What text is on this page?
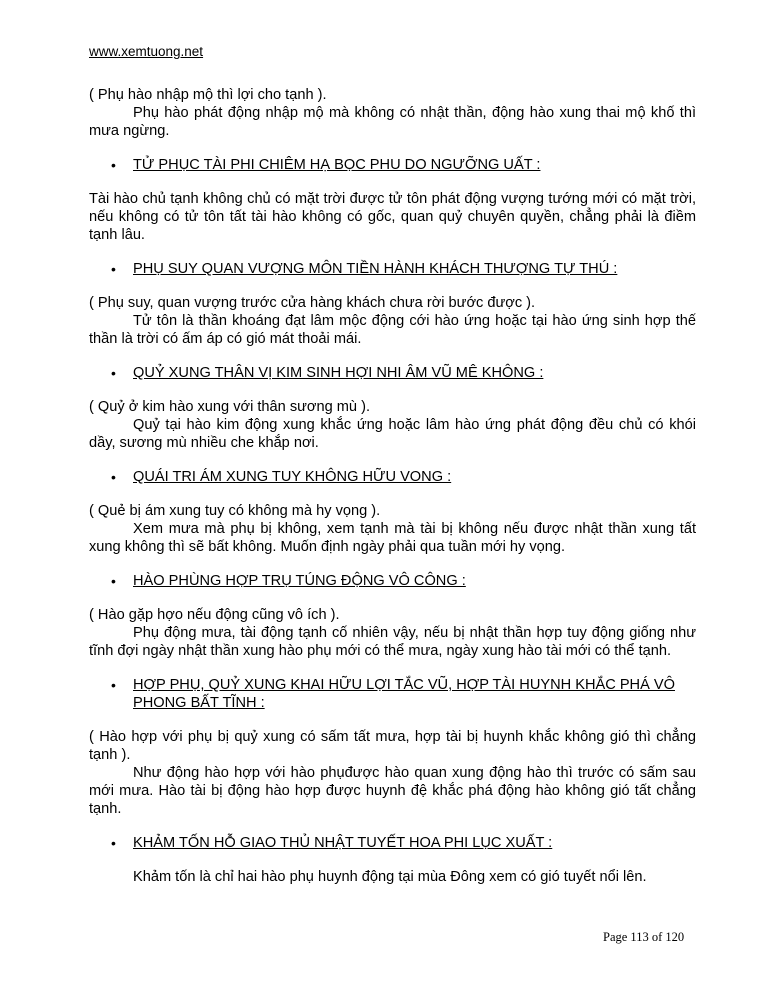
www.xemtuong.net

( Phụ hào nhập mộ thì lợi cho tạnh ).

Phụ hào phát động nhập mộ mà không có nhật thần, động hào xung thai mộ khố thì mưa ngừng.

• TỬ PHỤC TÀI PHI CHIÊM HẠ BỌC PHU DO NGƯỠNG UẤT :

Tài hào chủ tạnh không chủ có mặt trời được tử tôn phát động vượng tướng mới có mặt trời, nếu không có tử tôn tất tài hào không có gốc, quan quỷ chuyên quyền, chẳng phải là điềm tạnh lâu.

• PHỤ SUY QUAN VƯỢNG MÔN TIỀN HÀNH KHÁCH THƯỢNG TỰ THÚ :

( Phụ suy, quan vượng trước cửa hàng khách chưa rời bước được ).

Tử tôn là thần khoáng đạt lâm mộc động cới hào ứng hoặc tại hào ứng sinh hợp thế thần là trời có ấm áp có gió mát thoải mái.

• QUỶ XUNG THÂN VỊ KIM SINH HỢI NHI ÂM VŨ MÊ KHÔNG :

( Quỷ ở kim hào xung với thân sương mù ).

Quỷ tại hào kim động xung khắc ứng hoặc lâm hào ứng phát động đều chủ có khói dầy, sương mù nhiều che khắp nơi.

• QUÁI TRI ÁM XUNG TUY KHÔNG HỮU VONG :

( Quẻ bị ám xung tuy có không mà hy vọng ).

Xem mưa mà phụ bị không, xem tạnh mà tài bị không nếu được nhật thần xung tất xung không thì sẽ bất không. Muốn định ngày phải qua tuần mới hy vọng.

• HÀO PHÙNG HỢP TRỤ TÚNG ĐỘNG VÔ CÔNG :

( Hào gặp hợo nếu động cũng vô ích ).

Phụ động mưa, tài động tạnh cố nhiên vậy, nếu bị nhật thần hợp tuy động giống như tĩnh đợi ngày nhật thần xung hào phụ mới có thể mưa, ngày xung hào tài mới có thể tạnh.

• HỢP PHỤ, QUỶ XUNG KHAI HỮU LỢI TẮC VŨ, HỢP TÀI HUYNH KHẮC PHÁ VÔ PHONG BẤT TĨNH :

( Hào hợp với phụ bị quỷ xung có sấm tất mưa, hợp tài bị huynh khắc không gió thì chẳng tạnh ).

Như động hào hợp với hào phụđược hào quan xung động hào thì trước có sấm sau mới mưa. Hào tài bị động hào hợp được huynh đệ khắc phá động hào không gió tất chẳng tạnh.

• KHẢM TỐN HỖ GIAO THỦ NHẬT TUYẾT HOA PHI LỤC XUẤT :

Khảm tốn là chỉ hai hào phụ huynh động tại mùa Đông xem có gió tuyết nổi lên.

Page 113 of 120
